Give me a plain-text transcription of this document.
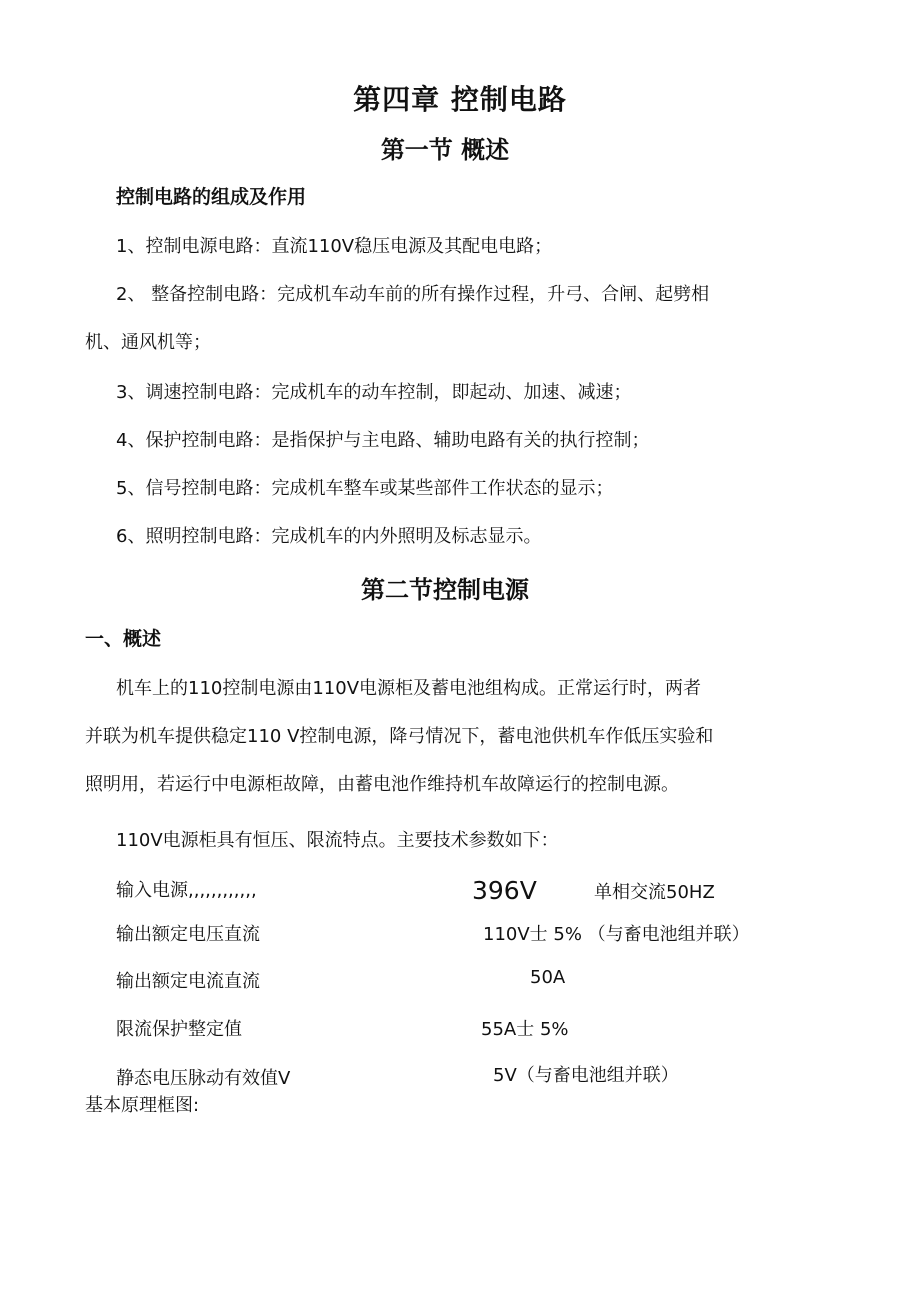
第四章 控制电路
第一节 概述
控制电路的组成及作用
1、控制电源电路：直流110V稳压电源及其配电电路；
2、 整备控制电路：完成机车动车前的所有操作过程，升弓、合闸、起劈相
机、通风机等；
3、调速控制电路：完成机车的动车控制，即起动、加速、减速；
4、保护控制电路：是指保护与主电路、辅助电路有关的执行控制；
5、信号控制电路：完成机车整车或某些部件工作状态的显示；
6、照明控制电路：完成机车的内外照明及标志显示。
第二节控制电源
一、概述
机车上的110控制电源由110V电源柜及蓄电池组构成。正常运行时，两者
并联为机车提供稳定110 V控制电源，降弓情况下，蓄电池供机车作低压实验和
照明用，若运行中电源柜故障，由蓄电池作维持机车故障运行的控制电源。
110V电源柜具有恒压、限流特点。主要技术参数如下：
输入电源,,,,,,,,,,,,	396V	单相交流50HZ
输出额定电压直流	110V士 5% （与畜电池组并联）
输出额定电流直流	50A
限流保护整定值	55A士 5%
静态电压脉动有效值V	5V（与畜电池组并联）
基本原理框图:
